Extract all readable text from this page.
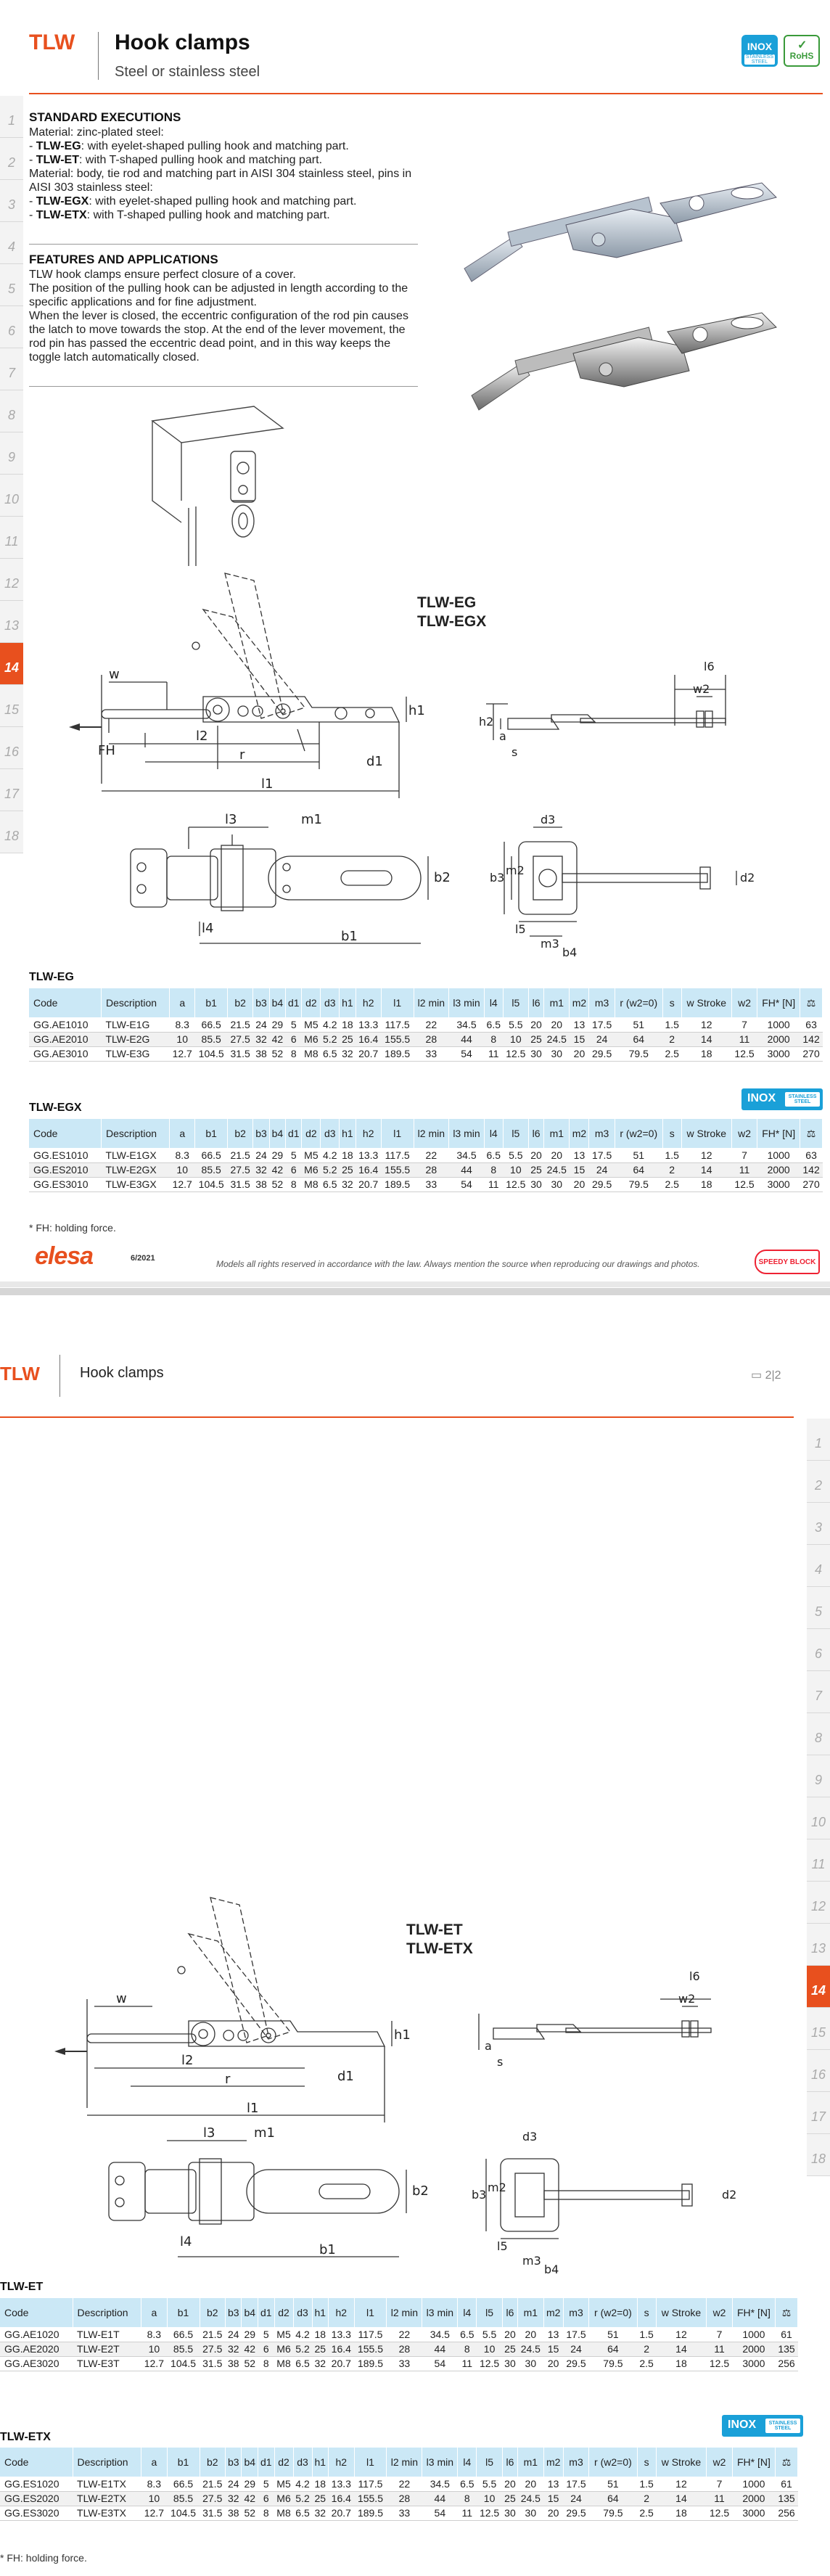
TLW Hook clamps
Steel or stainless steel
INOX
STAINLESS STEEL
✓
RoHS
1
2
3
4
5
6
7
8
9
10
11
12
13
14
15
16
17
18
STANDARD EXECUTIONS
Material: zinc-plated steel:
- TLW-EG: with eyelet-shaped pulling hook and matching part.
- TLW-ET: with T-shaped pulling hook and matching part.
Material: body, tie rod and matching part in AISI 304 stainless steel, pins in AISI 303 stainless steel:
- TLW-EGX: with eyelet-shaped pulling hook and matching part.
- TLW-ETX: with T-shaped pulling hook and matching part.
FEATURES AND APPLICATIONS
TLW hook clamps ensure perfect closure of a cover.
The position of the pulling hook can be adjusted in length according to the specific applications and for fine adjustment.
When the lever is closed, the eccentric configuration of the rod pin causes the latch to move towards the stop. At the end of the lever movement, the rod pin has passed the eccentric dead point, and in this way keeps the toggle latch automatically closed.
TLW-EG
TLW-EGX
w
FH
l2
r
l1
d1
h1
h2
a
s
l6
w2
l3	m1
b2
l4
b1
b3
m2
d3
d2
l5
m3
b4
TLW-EG
Code	Description	a	b1	b2	b3	b4	d1	d2	d3	h1	h2	l1	l2 min	l3 min	l4	l5	l6	m1	m2	m3	r (w2=0)	s	w Stroke	w2	FH* [N]	⚖
GG.AE1010	TLW-E1G	8.3	66.5	21.5	24	29	5	M5	4.2	18	13.3	117.5	22	34.5	6.5	5.5	20	20	13	17.5	51	1.5	12	7	1000	63
GG.AE2010	TLW-E2G	10	85.5	27.5	32	42	6	M6	5.2	25	16.4	155.5	28	44	8	10	25	24.5	15	24	64	2	14	11	2000	142
GG.AE3010	TLW-E3G	12.7	104.5	31.5	38	52	8	M8	6.5	32	20.7	189.5	33	54	11	12.5	30	30	20	29.5	79.5	2.5	18	12.5	3000	270
TLW-EGX
INOX	STAINLESS STEEL
Code	Description	a	b1	b2	b3	b4	d1	d2	d3	h1	h2	l1	l2 min	l3 min	l4	l5	l6	m1	m2	m3	r (w2=0)	s	w Stroke	w2	FH* [N]	⚖
GG.ES1010	TLW-E1GX	8.3	66.5	21.5	24	29	5	M5	4.2	18	13.3	117.5	22	34.5	6.5	5.5	20	20	13	17.5	51	1.5	12	7	1000	63
GG.ES2010	TLW-E2GX	10	85.5	27.5	32	42	6	M6	5.2	25	16.4	155.5	28	44	8	10	25	24.5	15	24	64	2	14	11	2000	142
GG.ES3010	TLW-E3GX	12.7	104.5	31.5	38	52	8	M8	6.5	32	20.7	189.5	33	54	11	12.5	30	30	20	29.5	79.5	2.5	18	12.5	3000	270
* FH: holding force.
elesa	6/2021
Models all rights reserved in accordance with the law. Always mention the source when reproducing our drawings and photos.	SPEEDY BLOCK
TLW	Hook clamps	▭ 2|2
1
2
3
4
5
6
7
8
9
10
11
12
13
14
15
16
17
18
TLW-ET
TLW-ETX
w
l2
r
l1
d1
h1
a
s
l6
w2
l3	m1
b2
l4
b1
b3
m2
d3
d2
l5
m3
b4
TLW-ET
Code	Description	a	b1	b2	b3	b4	d1	d2	d3	h1	h2	l1	l2 min	l3 min	l4	l5	l6	m1	m2	m3	r (w2=0)	s	w Stroke	w2	FH* [N]	⚖
GG.AE1020	TLW-E1T	8.3	66.5	21.5	24	29	5	M5	4.2	18	13.3	117.5	22	34.5	6.5	5.5	20	20	13	17.5	51	1.5	12	7	1000	61
GG.AE2020	TLW-E2T	10	85.5	27.5	32	42	6	M6	5.2	25	16.4	155.5	28	44	8	10	25	24.5	15	24	64	2	14	11	2000	135
GG.AE3020	TLW-E3T	12.7	104.5	31.5	38	52	8	M8	6.5	32	20.7	189.5	33	54	11	12.5	30	30	20	29.5	79.5	2.5	18	12.5	3000	256
TLW-ETX
INOX	STAINLESS STEEL
Code	Description	a	b1	b2	b3	b4	d1	d2	d3	h1	h2	l1	l2 min	l3 min	l4	l5	l6	m1	m2	m3	r (w2=0)	s	w Stroke	w2	FH* [N]	⚖
GG.ES1020	TLW-E1TX	8.3	66.5	21.5	24	29	5	M5	4.2	18	13.3	117.5	22	34.5	6.5	5.5	20	20	13	17.5	51	1.5	12	7	1000	61
GG.ES2020	TLW-E2TX	10	85.5	27.5	32	42	6	M6	5.2	25	16.4	155.5	28	44	8	10	25	24.5	15	24	64	2	14	11	2000	135
GG.ES3020	TLW-E3TX	12.7	104.5	31.5	38	52	8	M8	6.5	32	20.7	189.5	33	54	11	12.5	30	30	20	29.5	79.5	2.5	18	12.5	3000	256
* FH: holding force.
